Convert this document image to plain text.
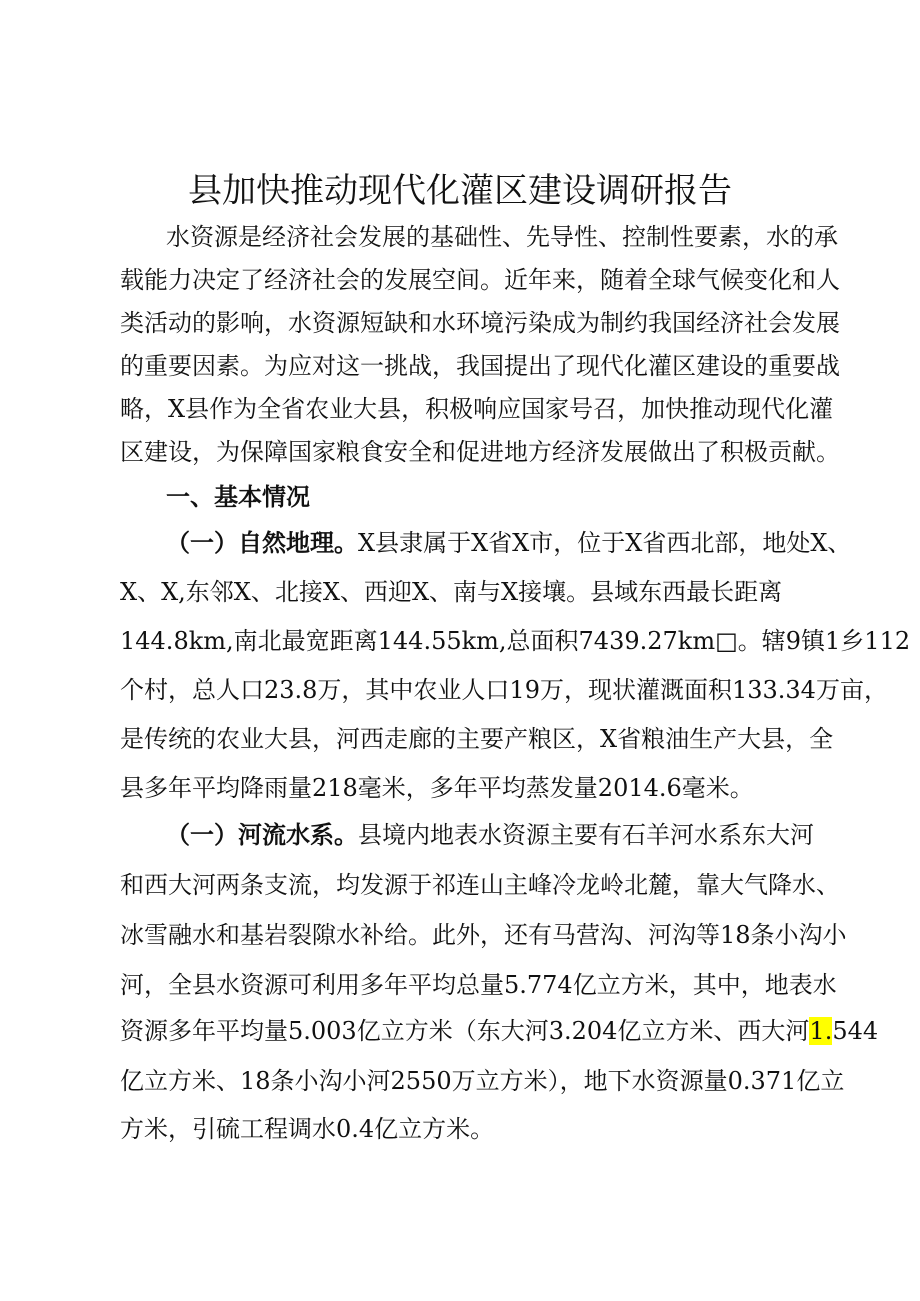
县加快推动现代化灌区建设调研报告
水资源是经济社会发展的基础性、先导性、控制性要素，水的承
载能力决定了经济社会的发展空间。近年来，随着全球气候变化和人
类活动的影响，水资源短缺和水环境污染成为制约我国经济社会发展
的重要因素。为应对这一挑战，我国提出了现代化灌区建设的重要战
略，X县作为全省农业大县，积极响应国家号召，加快推动现代化灌
区建设，为保障国家粮食安全和促进地方经济发展做出了积极贡献。
一、基本情况
（一）自然地理。X县隶属于X省X市，位于X省西北部，地处X、
X、X,东邻X、北接X、西迎X、南与X接壤。县域东西最长距离
144.8km,南北最宽距离144.55km,总面积7439.27km□。辖9镇1乡112
个村，总人口23.8万，其中农业人口19万，现状灌溉面积133.34万亩，
是传统的农业大县，河西走廊的主要产粮区，X省粮油生产大县，全
县多年平均降雨量218毫米，多年平均蒸发量2014.6毫米。
（一）河流水系。县境内地表水资源主要有石羊河水系东大河
和西大河两条支流，均发源于祁连山主峰冷龙岭北麓，靠大气降水、
冰雪融水和基岩裂隙水补给。此外，还有马营沟、河沟等18条小沟小
河，全县水资源可利用多年平均总量5.774亿立方米，其中，地表水
资源多年平均量5.003亿立方米（东大河3.204亿立方米、西大河1.544
亿立方米、18条小沟小河2550万立方米），地下水资源量0.371亿立
方米，引硫工程调水0.4亿立方米。
